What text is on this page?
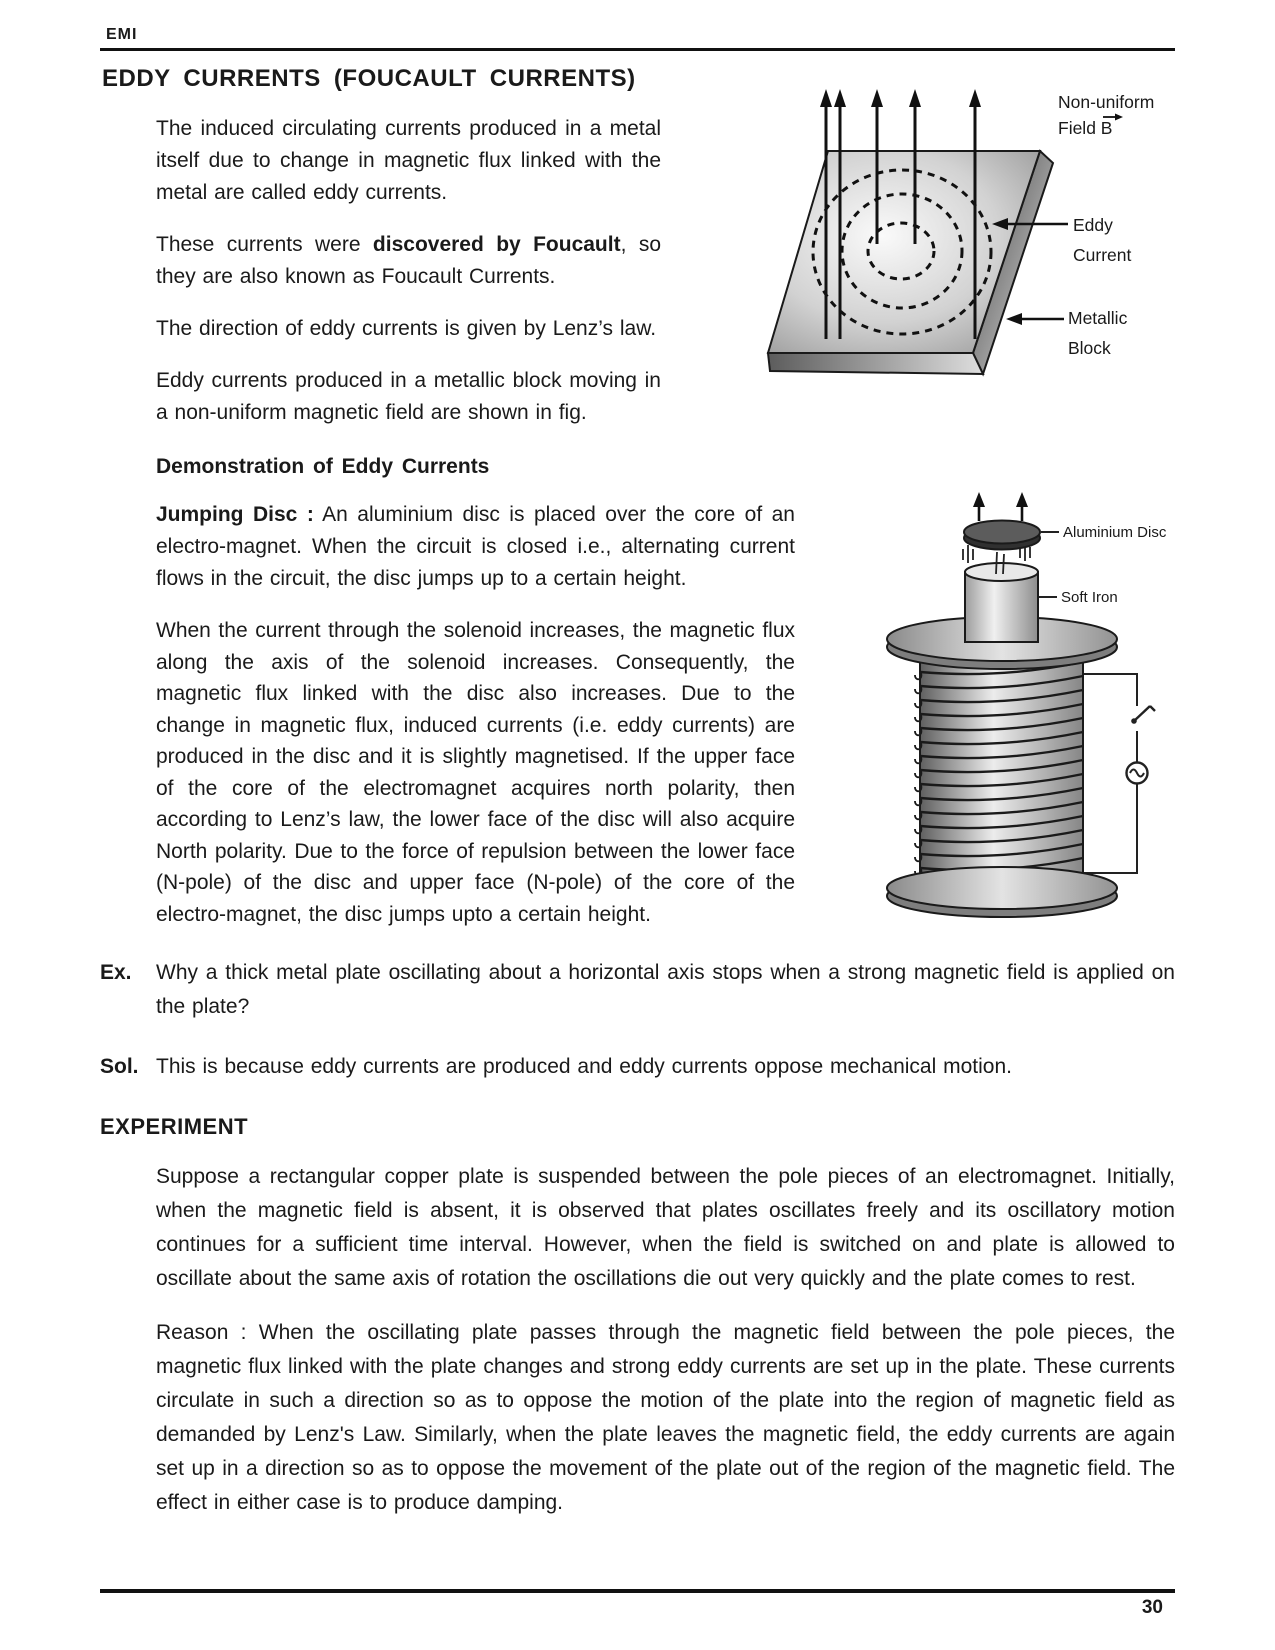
EMI
EDDY CURRENTS (FOUCAULT CURRENTS)
Non-uniform
Field B
Eddy
Current
Metallic
Block

The induced circulating currents produced in a metal itself due to change in magnetic flux linked with the metal are called eddy currents.

These currents were discovered by Foucault, so they are also known as Foucault Currents.

The direction of eddy currents is given by Lenz’s law.

Eddy currents produced in a metallic block moving in a non-uniform magnetic field are shown in fig.

Demonstration of Eddy Currents
Aluminium Disc
Soft Iron

Jumping Disc : An aluminium disc is placed over the core of an electro-magnet. When the circuit is closed i.e., alternating current flows in the circuit, the disc jumps up to a certain height.

When the current through the solenoid increases, the magnetic flux along the axis of the solenoid increases. Consequently, the magnetic flux linked with the disc also increases. Due to the change in magnetic flux, induced currents (i.e. eddy currents) are produced in the disc and it is slightly magnetised. If the upper face of the core of the electromagnet acquires north polarity, then according to Lenz’s law, the lower face of the disc will also acquire North polarity. Due to the force of repulsion between the lower face (N-pole) of the disc and upper face (N-pole) of the core of the electro-magnet, the disc jumps upto a certain height.

Ex.	Why a thick metal plate oscillating about a horizontal axis stops when a strong magnetic field is applied on the plate?
Sol. This is because eddy currents are produced and eddy currents oppose mechanical motion.
EXPERIMENT

Suppose a rectangular copper plate is suspended between the pole pieces of an electromagnet. Initially, when the magnetic field is absent, it is observed that plates oscillates freely and its oscillatory motion continues for a sufficient time interval. However, when the field is switched on and plate is allowed to oscillate about the same axis of rotation the oscillations die out very quickly and the plate comes to rest.

Reason : When the oscillating plate passes through the magnetic field between the pole pieces, the magnetic flux linked with the plate changes and strong eddy currents are set up in the plate. These currents circulate in such a direction so as to oppose the motion of the plate into the region of magnetic field as demanded by Lenz's Law. Similarly, when the plate leaves the magnetic field, the eddy currents are again set up in a direction so as to oppose the movement of the plate out of the region of the magnetic field. The effect in either case is to produce damping.

30
